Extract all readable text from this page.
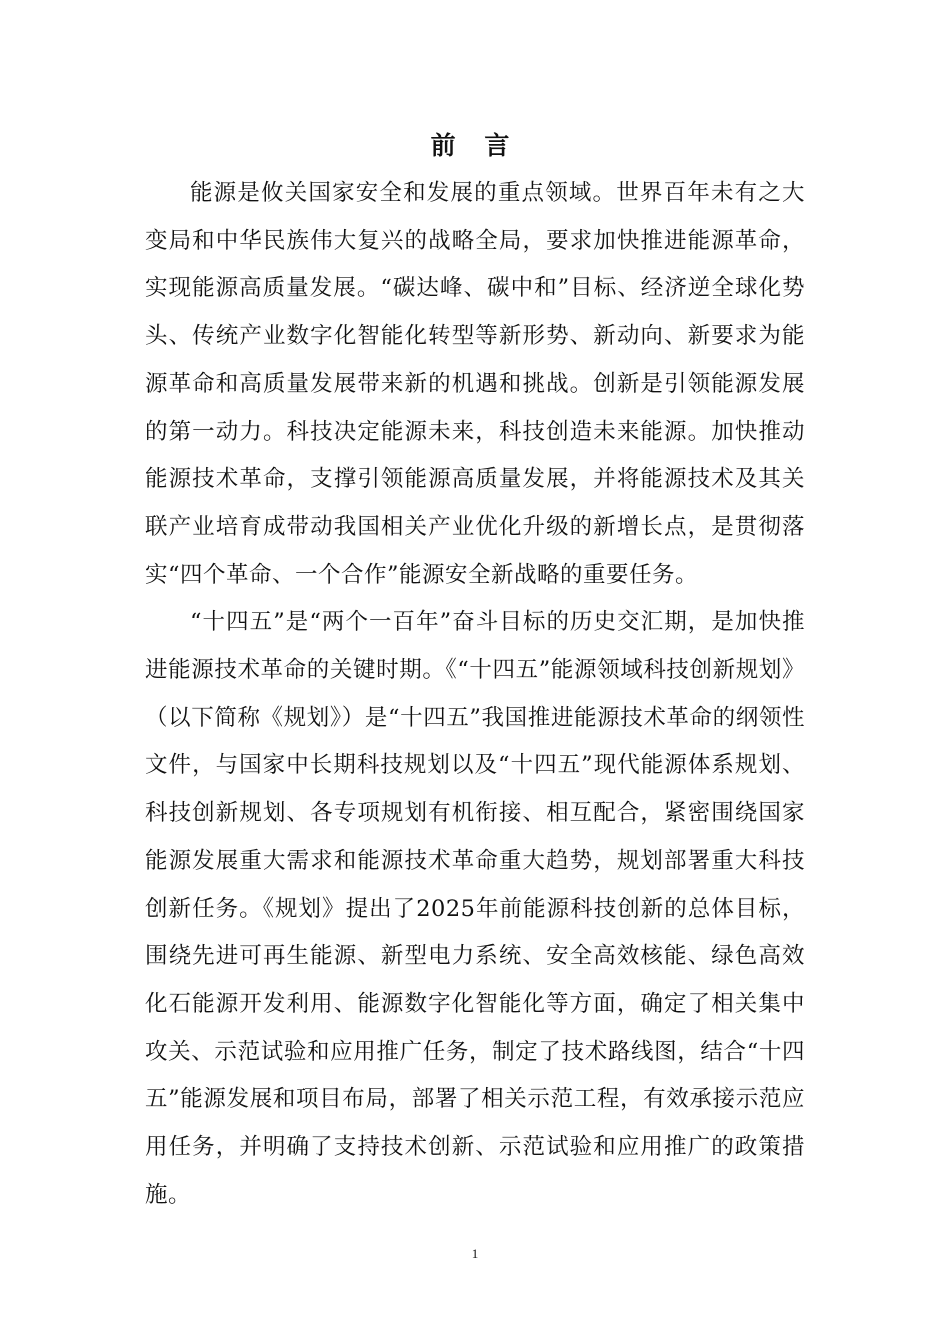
前 言

能源是攸关国家安全和发展的重点领域。世界百年未有之大变局和中华民族伟大复兴的战略全局，要求加快推进能源革命，实现能源高质量发展。“碳达峰、碳中和”目标、经济逆全球化势头、传统产业数字化智能化转型等新形势、新动向、新要求为能源革命和高质量发展带来新的机遇和挑战。创新是引领能源发展的第一动力。科技决定能源未来，科技创造未来能源。加快推动能源技术革命，支撑引领能源高质量发展，并将能源技术及其关联产业培育成带动我国相关产业优化升级的新增长点，是贯彻落实“四个革命、一个合作”能源安全新战略的重要任务。

“十四五”是“两个一百年”奋斗目标的历史交汇期，是加快推进能源技术革命的关键时期。《“十四五”能源领域科技创新规划》（以下简称《规划》）是“十四五”我国推进能源技术革命的纲领性文件，与国家中长期科技规划以及“十四五”现代能源体系规划、科技创新规划、各专项规划有机衔接、相互配合，紧密围绕国家能源发展重大需求和能源技术革命重大趋势，规划部署重大科技创新任务。《规划》提出了2025年前能源科技创新的总体目标，围绕先进可再生能源、新型电力系统、安全高效核能、绿色高效化石能源开发利用、能源数字化智能化等方面，确定了相关集中攻关、示范试验和应用推广任务，制定了技术路线图，结合“十四五”能源发展和项目布局，部署了相关示范工程，有效承接示范应用任务，并明确了支持技术创新、示范试验和应用推广的政策措施。

1
